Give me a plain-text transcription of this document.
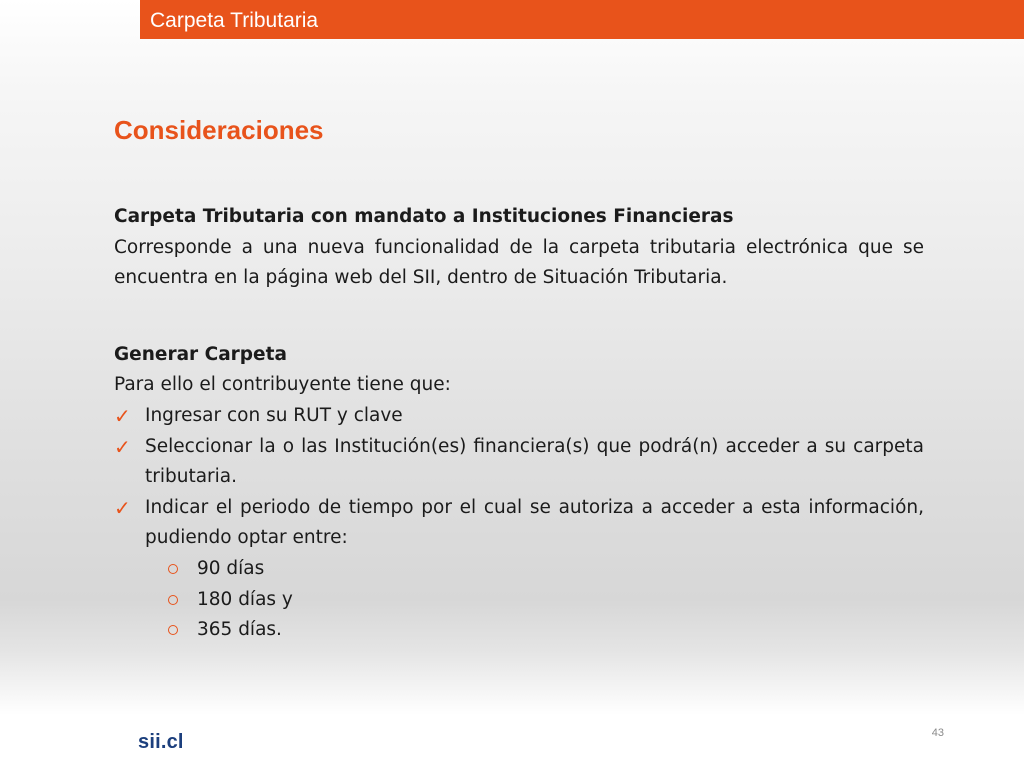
Carpeta Tributaria
Consideraciones

Carpeta Tributaria con mandato a Instituciones Financieras

Corresponde a una nueva funcionalidad de la carpeta tributaria electrónica que se encuentra en la página web del SII, dentro de Situación Tributaria.

Generar Carpeta

Para ello el contribuyente tiene que:

✓ Ingresar con su RUT y clave
✓ Seleccionar la o las Institución(es) financiera(s) que podrá(n) acceder a su carpeta tributaria.
✓ Indicar el periodo de tiempo por el cual se autoriza a acceder a esta información, pudiendo optar entre:
90 días
180 días y
365 días.
sii.cl	43
